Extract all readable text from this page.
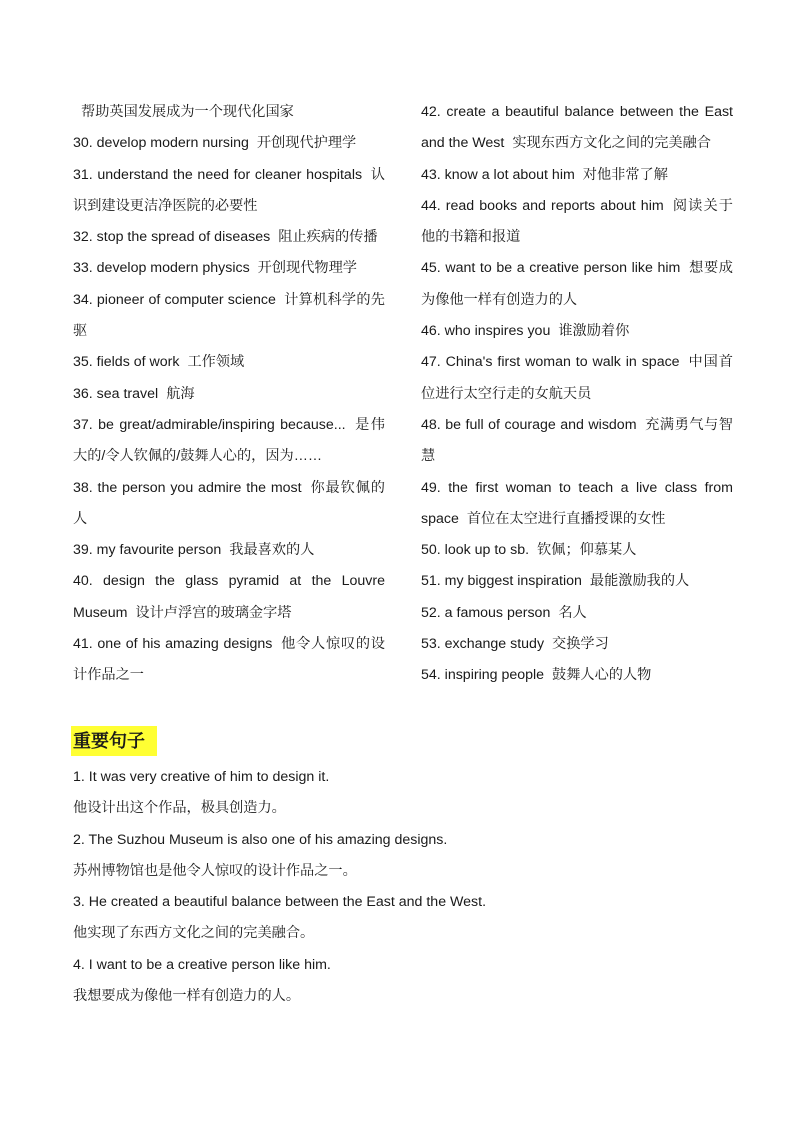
帮助英国发展成为一个现代化国家
30. develop modern nursing 开创现代护理学
31. understand the need for cleaner hospitals 认识到建设更洁净医院的必要性
32. stop the spread of diseases 阻止疾病的传播
33. develop modern physics 开创现代物理学
34. pioneer of computer science 计算机科学的先驱
35. fields of work 工作领域
36. sea travel 航海
37. be great/admirable/inspiring because... 是伟大的/令人钦佩的/鼓舞人心的，因为……
38. the person you admire the most 你最钦佩的人
39. my favourite person 我最喜欢的人
40. design the glass pyramid at the Louvre Museum 设计卢浮宫的玻璃金字塔
41. one of his amazing designs 他令人惊叹的设计作品之一
42. create a beautiful balance between the East and the West 实现东西方文化之间的完美融合
43. know a lot about him 对他非常了解
44. read books and reports about him 阅读关于他的书籍和报道
45. want to be a creative person like him 想要成为像他一样有创造力的人
46. who inspires you 谁激励着你
47. China's first woman to walk in space 中国首位进行太空行走的女航天员
48. be full of courage and wisdom 充满勇气与智慧
49. the first woman to teach a live class from space 首位在太空进行直播授课的女性
50. look up to sb. 钦佩；仰慕某人
51. my biggest inspiration 最能激励我的人
52. a famous person 名人
53. exchange study 交换学习
54. inspiring people 鼓舞人心的人物
重要句子
1. It was very creative of him to design it.
他设计出这个作品，极具创造力。
2. The Suzhou Museum is also one of his amazing designs.
苏州博物馆也是他令人惊叹的设计作品之一。
3. He created a beautiful balance between the East and the West.
他实现了东西方文化之间的完美融合。
4. I want to be a creative person like him.
我想要成为像他一样有创造力的人。
